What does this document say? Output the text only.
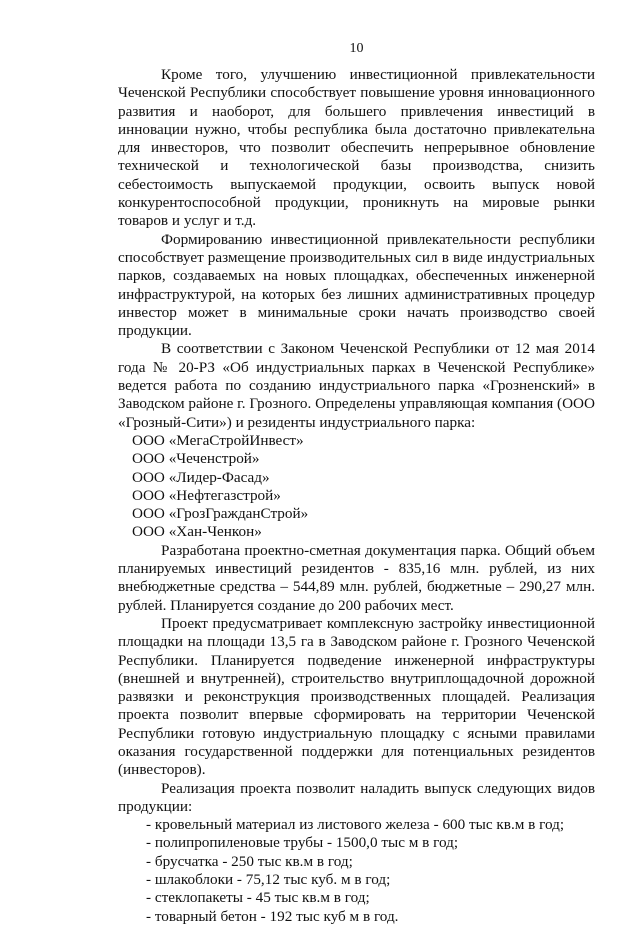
10

Кроме того, улучшению инвестиционной привлекательности Чеченской Республики способствует повышение уровня инновационного развития и наоборот, для большего привлечения инвестиций в инновации нужно, чтобы республика была достаточно привлекательна для инвесторов, что позволит обеспечить непрерывное обновление технической и технологической базы производства, снизить себестоимость выпускаемой продукции, освоить выпуск новой конкурентоспособной продукции, проникнуть на мировые рынки товаров и услуг и т.д.

Формированию инвестиционной привлекательности республики способствует размещение производительных сил в виде индустриальных парков, создаваемых на новых площадках, обеспеченных инженерной инфраструктурой, на которых без лишних административных процедур инвестор может в минимальные сроки начать производство своей продукции.

В соответствии с Законом Чеченской Республики от 12 мая 2014 года № 20-РЗ «Об индустриальных парках в Чеченской Республике» ведется работа по созданию индустриального парка «Грозненский» в Заводском районе г. Грозного. Определены управляющая компания (ООО «Грозный-Сити») и резиденты индустриального парка:

ООО «МегаСтройИнвест»

ООО «Чеченстрой»

ООО «Лидер-Фасад»

ООО «Нефтегазстрой»

ООО «ГрозГражданСтрой»

ООО «Хан-Ченкон»

Разработана проектно-сметная документация парка. Общий объем планируемых инвестиций резидентов - 835,16 млн. рублей, из них внебюджетные средства – 544,89 млн. рублей, бюджетные – 290,27 млн. рублей. Планируется создание до 200 рабочих мест.

Проект предусматривает комплексную застройку инвестиционной площадки на площади 13,5 га в Заводском районе г. Грозного Чеченской Республики. Планируется подведение инженерной инфраструктуры (внешней и внутренней), строительство внутриплощадочной дорожной развязки и реконструкция производственных площадей. Реализация проекта позволит впервые сформировать на территории Чеченской Республики готовую индустриальную площадку с ясными правилами оказания государственной поддержки для потенциальных резидентов (инвесторов).

Реализация проекта позволит наладить выпуск следующих видов продукции:

- кровельный материал из листового железа - 600 тыс кв.м в год;
- полипропиленовые трубы - 1500,0 тыс м в год;
- брусчатка - 250 тыс кв.м в год;
- шлакоблоки - 75,12 тыс куб. м в год;
- стеклопакеты - 45 тыс кв.м в год;
- товарный бетон - 192 тыс куб м в год.
